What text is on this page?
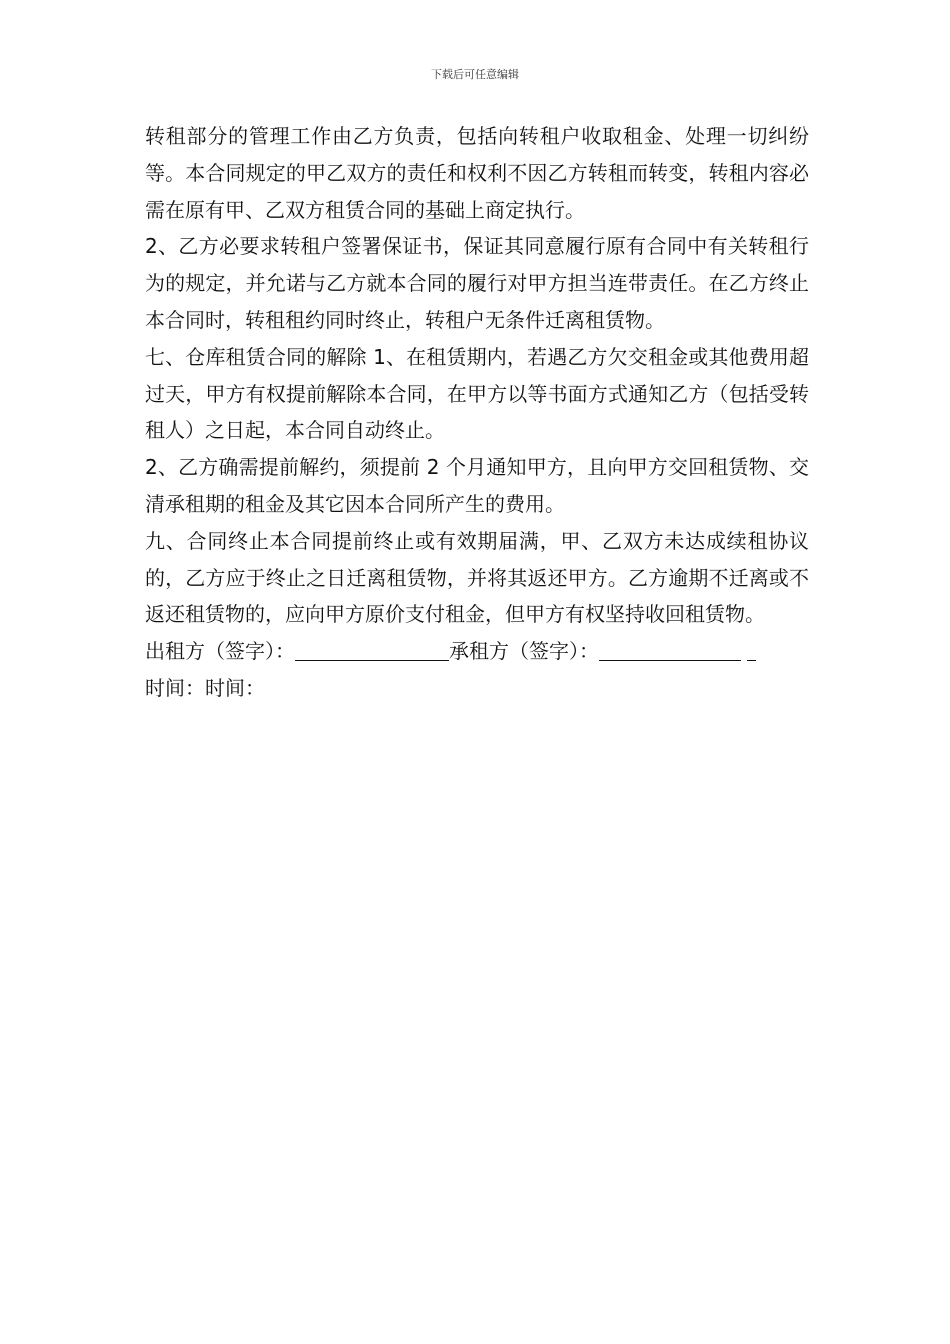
下载后可任意编辑

转租部分的管理工作由乙方负责，包括向转租户收取租金、处理一切纠纷等。本合同规定的甲乙双方的责任和权利不因乙方转租而转变，转租内容必需在原有甲、乙双方租赁合同的基础上商定执行。

2、乙方必要求转租户签署保证书，保证其同意履行原有合同中有关转租行为的规定，并允诺与乙方就本合同的履行对甲方担当连带责任。在乙方终止本合同时，转租租约同时终止，转租户无条件迁离租赁物。

七、仓库租赁合同的解除 1、在租赁期内，若遇乙方欠交租金或其他费用超过天，甲方有权提前解除本合同，在甲方以等书面方式通知乙方（包括受转租人）之日起，本合同自动终止。

2、乙方确需提前解约，须提前 2 个月通知甲方，且向甲方交回租赁物、交清承租期的租金及其它因本合同所产生的费用。

九、合同终止本合同提前终止或有效期届满，甲、乙双方未达成续租协议的，乙方应于终止之日迁离租赁物，并将其返还甲方。乙方逾期不迁离或不返还租赁物的，应向甲方原价支付租金，但甲方有权坚持收回租赁物。

出租方（签字）：	承租方（签字）：

时间：时间：
